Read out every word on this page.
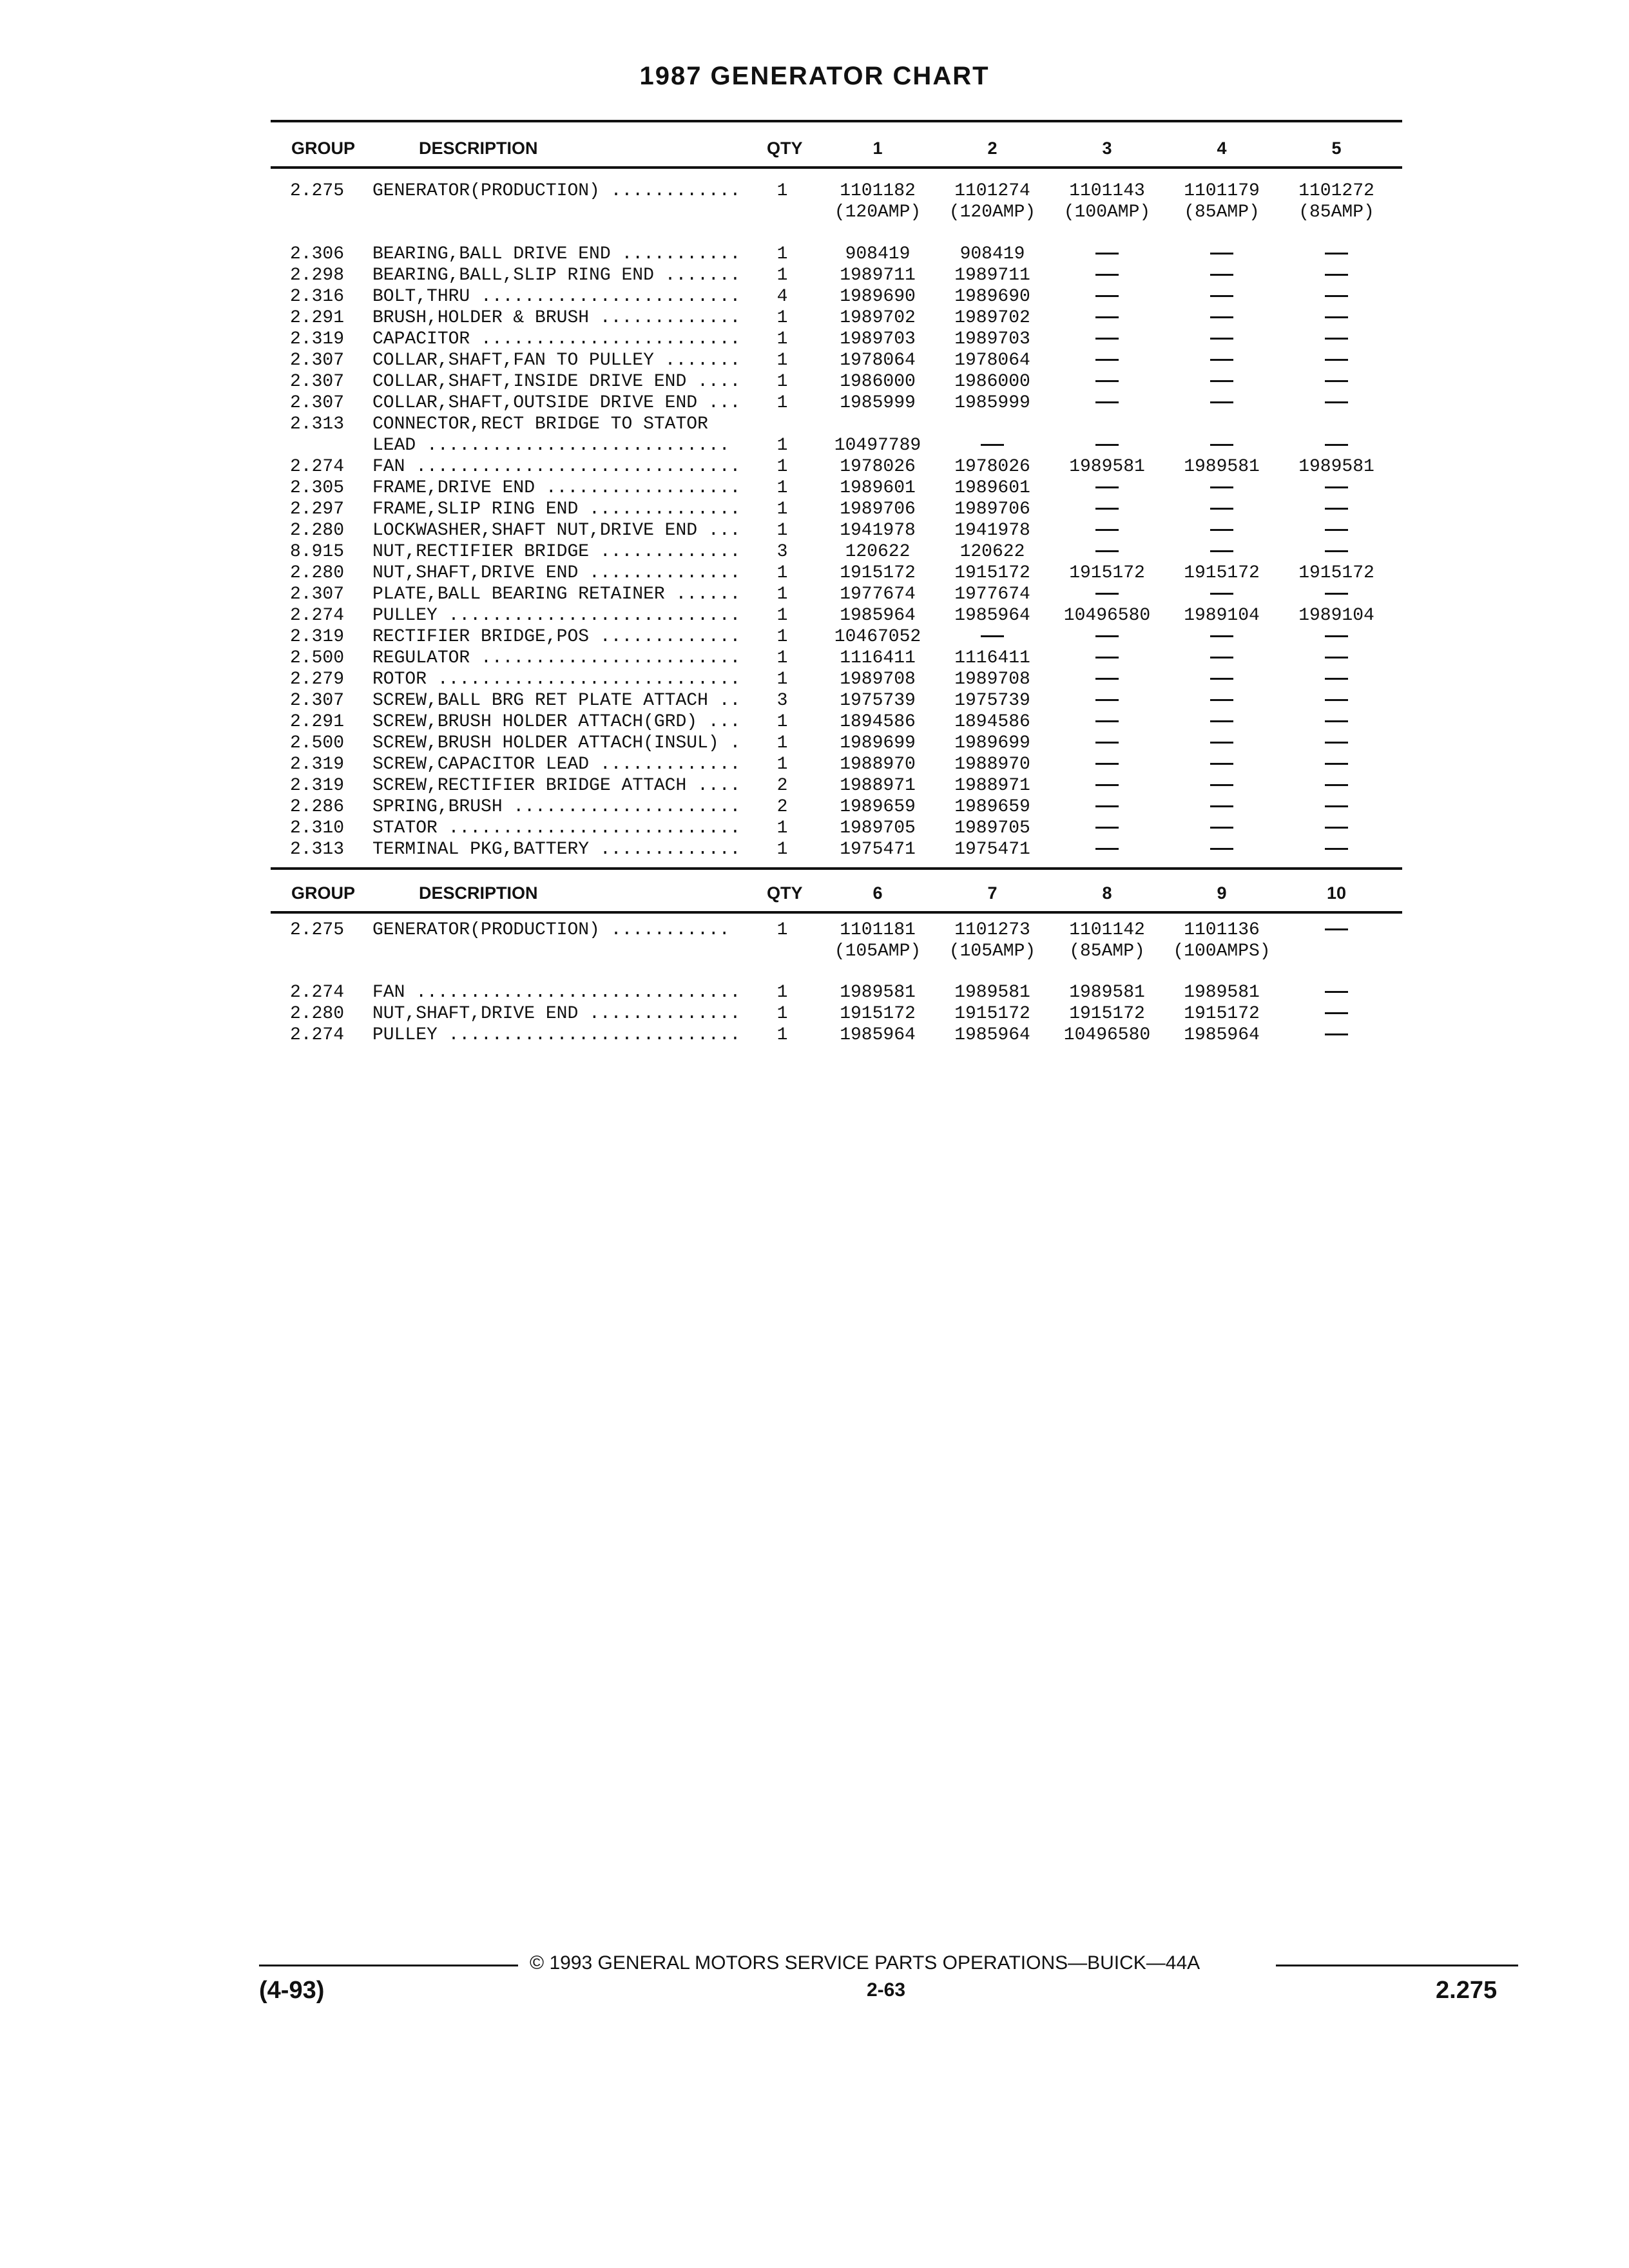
1987 GENERATOR CHART
GROUP	DESCRIPTION	QTY	1	2	3	4	5
2.275 GENERATOR(PRODUCTION) ............	1	1101182	1101274	1101143	1101179	1101272
(120AMP)	(120AMP)	(100AMP)	(85AMP)	(85AMP)
2.306 BEARING,BALL DRIVE END ...........	1	908419	908419
2.298 BEARING,BALL,SLIP RING END .......	1	1989711	1989711
2.316 BOLT,THRU ........................	4	1989690	1989690
2.291 BRUSH,HOLDER & BRUSH .............	1	1989702	1989702
2.319 CAPACITOR ........................	1	1989703	1989703
2.307 COLLAR,SHAFT,FAN TO PULLEY .......	1	1978064	1978064
2.307 COLLAR,SHAFT,INSIDE DRIVE END ....	1	1986000	1986000
2.307 COLLAR,SHAFT,OUTSIDE DRIVE END ...	1	1985999	1985999
2.313 CONNECTOR,RECT BRIDGE TO STATOR
LEAD ............................	1	10497789
2.274 FAN ..............................	1	1978026	1978026	1989581	1989581	1989581
2.305 FRAME,DRIVE END ..................	1	1989601	1989601
2.297 FRAME,SLIP RING END ..............	1	1989706	1989706
2.280 LOCKWASHER,SHAFT NUT,DRIVE END ...	1	1941978	1941978
8.915 NUT,RECTIFIER BRIDGE .............	3	120622	120622
2.280 NUT,SHAFT,DRIVE END ..............	1	1915172	1915172	1915172	1915172	1915172
2.307 PLATE,BALL BEARING RETAINER ......	1	1977674	1977674
2.274 PULLEY ...........................	1	1985964	1985964	10496580	1989104	1989104
2.319 RECTIFIER BRIDGE,POS .............	1	10467052
2.500 REGULATOR ........................	1	1116411	1116411
2.279 ROTOR ............................	1	1989708	1989708
2.307 SCREW,BALL BRG RET PLATE ATTACH ..	3	1975739	1975739
2.291 SCREW,BRUSH HOLDER ATTACH(GRD) ...	1	1894586	1894586
2.500 SCREW,BRUSH HOLDER ATTACH(INSUL) .	1	1989699	1989699
2.319 SCREW,CAPACITOR LEAD .............	1	1988970	1988970
2.319 SCREW,RECTIFIER BRIDGE ATTACH ....	2	1988971	1988971
2.286 SPRING,BRUSH .....................	2	1989659	1989659
2.310 STATOR ...........................	1	1989705	1989705
2.313 TERMINAL PKG,BATTERY .............	1	1975471	1975471
GROUP	DESCRIPTION	QTY	6	7	8	9	10
2.275 GENERATOR(PRODUCTION) ...........	1	1101181	1101273	1101142	1101136
(105AMP)	(105AMP)	(85AMP)	(100AMPS)
2.274 FAN ..............................	1	1989581	1989581	1989581	1989581
2.280 NUT,SHAFT,DRIVE END ..............	1	1915172	1915172	1915172	1915172
2.274 PULLEY ...........................	1	1985964	1985964	10496580	1985964
© 1993 GENERAL MOTORS SERVICE PARTS OPERATIONS—BUICK—44A
(4-93)	2-63	2.275
